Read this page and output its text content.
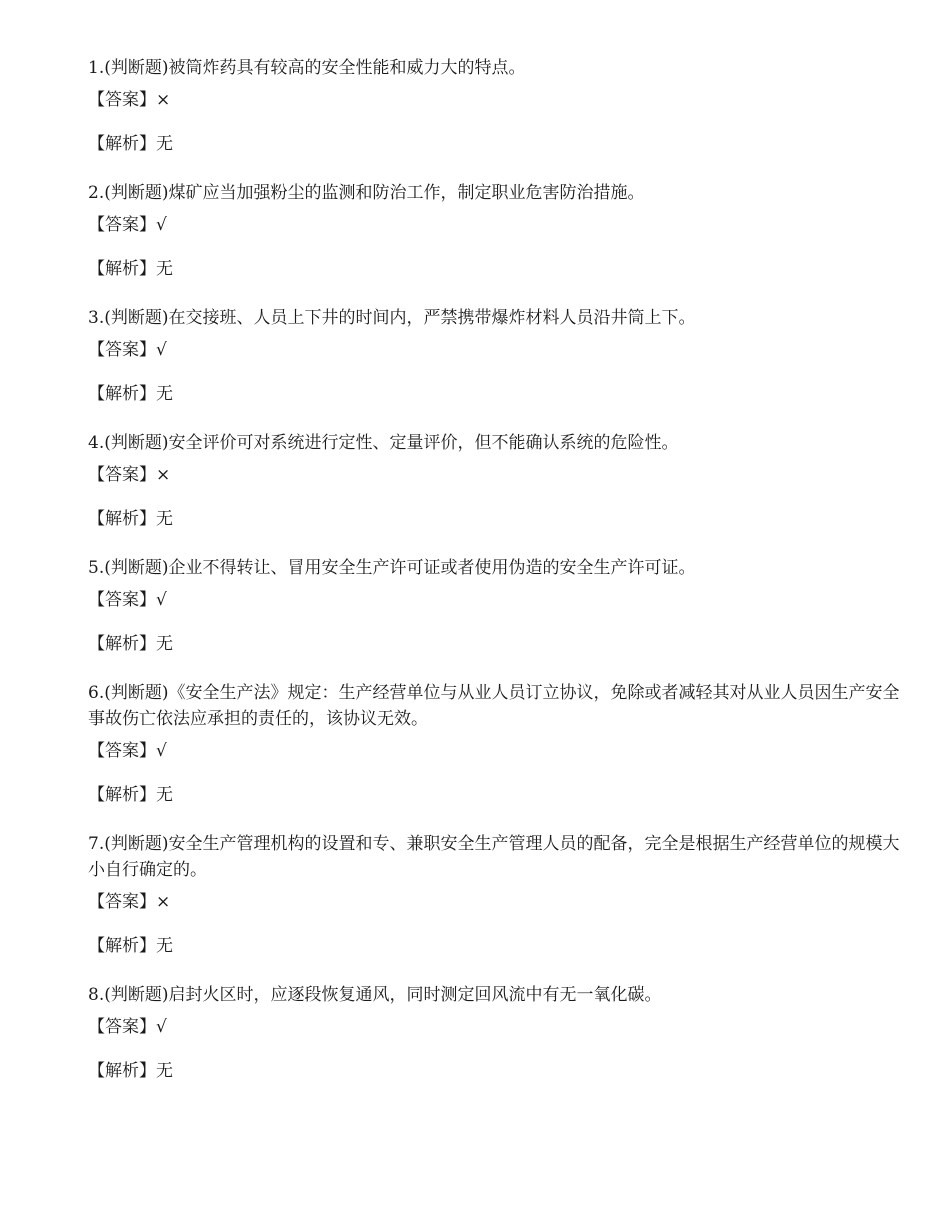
1.(判断题)被筒炸药具有较高的安全性能和威力大的特点。

【答案】×

【解析】无

2.(判断题)煤矿应当加强粉尘的监测和防治工作，制定职业危害防治措施。

【答案】√

【解析】无

3.(判断题)在交接班、人员上下井的时间内，严禁携带爆炸材料人员沿井筒上下。

【答案】√

【解析】无

4.(判断题)安全评价可对系统进行定性、定量评价，但不能确认系统的危险性。

【答案】×

【解析】无

5.(判断题)企业不得转让、冒用安全生产许可证或者使用伪造的安全生产许可证。

【答案】√

【解析】无

6.(判断题)《安全生产法》规定：生产经营单位与从业人员订立协议，免除或者减轻其对从业人员因生产安全事故伤亡依法应承担的责任的，该协议无效。

【答案】√

【解析】无

7.(判断题)安全生产管理机构的设置和专、兼职安全生产管理人员的配备，完全是根据生产经营单位的规模大小自行确定的。

【答案】×

【解析】无

8.(判断题)启封火区时，应逐段恢复通风，同时测定回风流中有无一氧化碳。

【答案】√

【解析】无
